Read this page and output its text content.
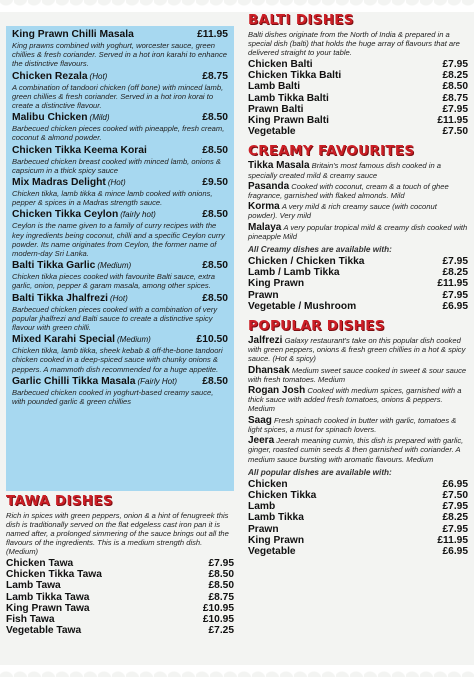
King Prawn Chilli Masala	£11.95
King prawns combined with yoghurt, worcester sauce, green chillies & fresh coriander. Served in a hot iron karahi to enhance the distinctive flavours.
Chicken Rezala (Hot)	£8.75
A combination of tandoori chicken (off bone) with minced lamb, green chillies & fresh coriander. Served in a hot iron korai to create a distinctive flavour.
Malibu Chicken (Mild)	£8.50
Barbecued chicken pieces cooked with pineapple, fresh cream, coconut & almond powder.
Chicken Tikka Keema Korai	£8.50
Barbecued chicken breast cooked with minced lamb, onions & capsicum in a thick spicy sauce
Mix Madras Delight (Hot)	£9.50
Chicken tikka, lamb tikka & mince lamb cooked with onions, pepper & spices in a Madras strength sauce.
Chicken Tikka Ceylon (fairly hot)	£8.50
Ceylon is the name given to a family of curry recipes with the key ingredients being coconut, chilli and a specific Ceylon curry powder. Its name originates from Ceylon, the former name of modern-day Sri Lanka.
Balti Tikka Garlic (Medium)	£8.50
Chicken tikka pieces cooked with favourite Balti sauce, extra garlic, onion, pepper & garam masala, among other spices.
Balti Tikka Jhalfrezi (Hot)	£8.50
Barbecued chicken pieces cooked with a combination of very popular jhalfrezi and Balti sauce to create a distinctive spicy flavour with green chilli.
Mixed Karahi Special (Medium)	£10.50
Chicken tikka, lamb tikka, sheek kebab & off-the-bone tandoori chicken cooked in a deep-spiced sauce with chunky onions & peppers. A mammoth dish recommended for a huge appetite.
Garlic Chilli Tikka Masala (Fairly Hot)	£8.50
Barbecued chicken cooked in yoghurt-based creamy sauce, with pounded garlic & green chillies
TAWA DISHES
Rich in spices with green peppers, onion & a hint of fenugreek this dish is traditionally served on the flat edgeless cast iron pan it is named after, a prolonged simmering of the sauce brings out all the flavours of the ingredients. This is a medium strength dish. (Medium)
Chicken Tawa	£7.95
Chicken Tikka Tawa	£8.50
Lamb Tawa	£8.50
Lamb Tikka Tawa	£8.75
King Prawn Tawa	£10.95
Fish Tawa	£10.95
Vegetable Tawa	£7.25
BALTI DISHES
Balti dishes originate from the North of India & prepared in a special dish (balti) that holds the huge array of flavours that are delivered straight to your table.
Chicken Balti	£7.95
Chicken Tikka Balti	£8.25
Lamb Balti	£8.50
Lamb Tikka Balti	£8.75
Prawn Balti	£7.95
King Prawn Balti	£11.95
Vegetable	£7.50
CREAMY FAVOURITES
Tikka Masala Britain's most famous dish cooked in a specially created mild & creamy sauce
Pasanda Cooked with coconut, cream & a touch of ghee fragrance, garnished with flaked almonds. Mild
Korma A very mild & rich creamy sauce (with coconut powder). Very mild
Malaya A very popular tropical mild & creamy dish cooked with pineapple Mild
All Creamy dishes are available with:
Chicken / Chicken Tikka	£7.95
Lamb / Lamb Tikka	£8.25
King Prawn	£11.95
Prawn	£7.95
Vegetable / Mushroom	£6.95
POPULAR DISHES
Jalfrezi Galaxy restaurant's take on this popular dish cooked with green peppers, onions & fresh green chillies in a hot & spicy sauce. (Hot & spicy)
Dhansak Medium sweet sauce cooked in sweet & sour sauce with fresh tomatoes. Medium
Rogan Josh Cooked with medium spices, garnished with a thick sauce with added fresh tomatoes, onions & peppers. Medium
Saag Fresh spinach cooked in butter with garlic, tomatoes & light spices, a must for spinach lovers.
Jeera Jeerah meaning cumin, this dish is prepared with garlic, ginger, roasted cumin seeds & then garnished with coriander. A medium sauce bursting with aromatic flavours. Medium
All popular dishes are available with:
Chicken	£6.95
Chicken Tikka	£7.50
Lamb	£7.95
Lamb Tikka	£8.25
Prawn	£7.95
King Prawn	£11.95
Vegetable	£6.95
